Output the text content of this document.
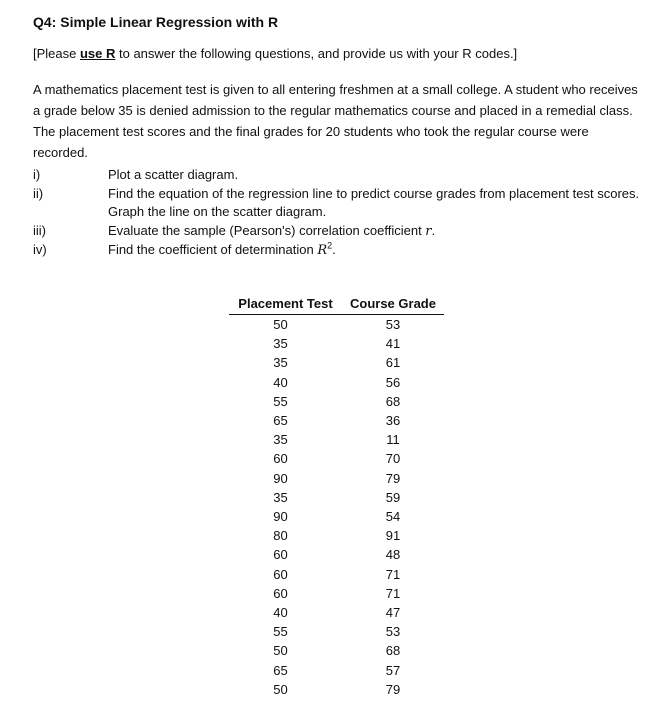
Q4: Simple Linear Regression with R
[Please use R to answer the following questions, and provide us with your R codes.]
A mathematics placement test is given to all entering freshmen at a small college. A student who receives a grade below 35 is denied admission to the regular mathematics course and placed in a remedial class. The placement test scores and the final grades for 20 students who took the regular course were recorded.
i)	Plot a scatter diagram.
ii)	Find the equation of the regression line to predict course grades from placement test scores. Graph the line on the scatter diagram.
iii)	Evaluate the sample (Pearson's) correlation coefficient r.
iv)	Find the coefficient of determination $R^2$.
Placement Test	Course Grade
50	53
35	41
35	61
40	56
55	68
65	36
35	11
60	70
90	79
35	59
90	54
80	91
60	48
60	71
60	71
40	47
55	53
50	68
65	57
50	79
